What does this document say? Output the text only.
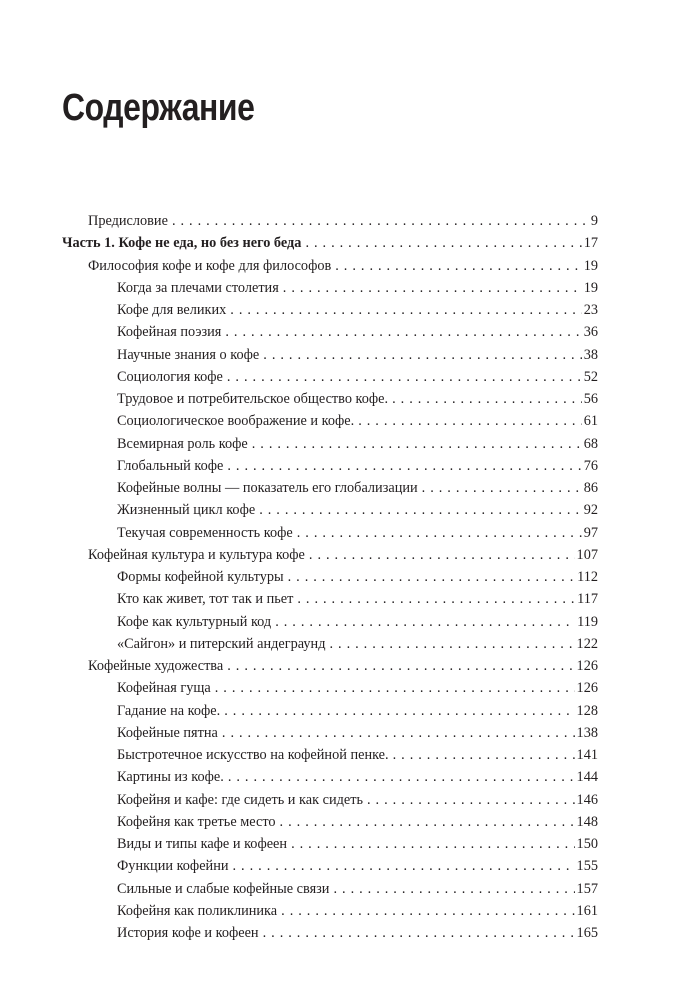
Содержание
Предисловие . . .	9
Часть 1. Кофе не еда, но без него беда . . .	17
Философия кофе и кофе для философов . . .	19
Когда за плечами столетия . . .	19
Кофе для великих . . .	23
Кофейная поэзия . . .	36
Научные знания о кофе . . .	38
Социология кофе . . .	52
Трудовое и потребительское общество кофе. . . .	56
Социологическое воображение и кофе. . . .	61
Всемирная роль кофе . . .	68
Глобальный кофе . . .	76
Кофейные волны — показатель его глобализации . . .	86
Жизненный цикл кофе . . .	92
Текучая современность кофе . . .	97
Кофейная культура и культура кофе . . .	107
Формы кофейной культуры . . .	112
Кто как живет, тот так и пьет . . .	117
Кофе как культурный код . . .	119
«Сайгон» и питерский андеграунд . . .	122
Кофейные художества . . .	126
Кофейная гуща . . .	126
Гадание на кофе. . . .	128
Кофейные пятна . . .	138
Быстротечное искусство на кофейной пенке. . . .	141
Картины из кофе. . . .	144
Кофейня и кафе: где сидеть и как сидеть . . .	146
Кофейня как третье место . . .	148
Виды и типы кафе и кофеен . . .	150
Функции кофейни . . .	155
Сильные и слабые кофейные связи . . .	157
Кофейня как поликлиника . . .	161
История кофе и кофеен . . .	165
